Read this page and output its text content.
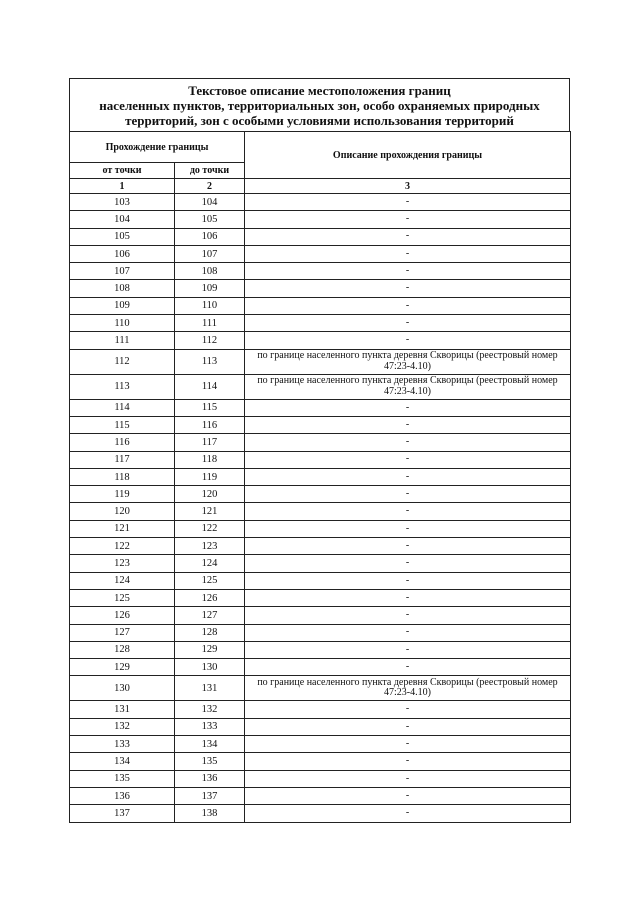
Текстовое описание местоположения границ
населенных пунктов, территориальных зон, особо охраняемых природных
территорий, зон с особыми условиями использования территорий
Прохождение границы		Описание прохождения границы
от точки	до точки	
1	2	3
103	104	-
104	105	-
105	106	-
106	107	-
107	108	-
108	109	-
109	110	-
110	111	-
111	112	-
112	113	по границе населенного пункта деревня Скворицы (реестровый номер 47:23-4.10)
113	114	по границе населенного пункта деревня Скворицы (реестровый номер 47:23-4.10)
114	115	-
115	116	-
116	117	-
117	118	-
118	119	-
119	120	-
120	121	-
121	122	-
122	123	-
123	124	-
124	125	-
125	126	-
126	127	-
127	128	-
128	129	-
129	130	-
130	131	по границе населенного пункта деревня Скворицы (реестровый номер 47:23-4.10)
131	132	-
132	133	-
133	134	-
134	135	-
135	136	-
136	137	-
137	138	-
